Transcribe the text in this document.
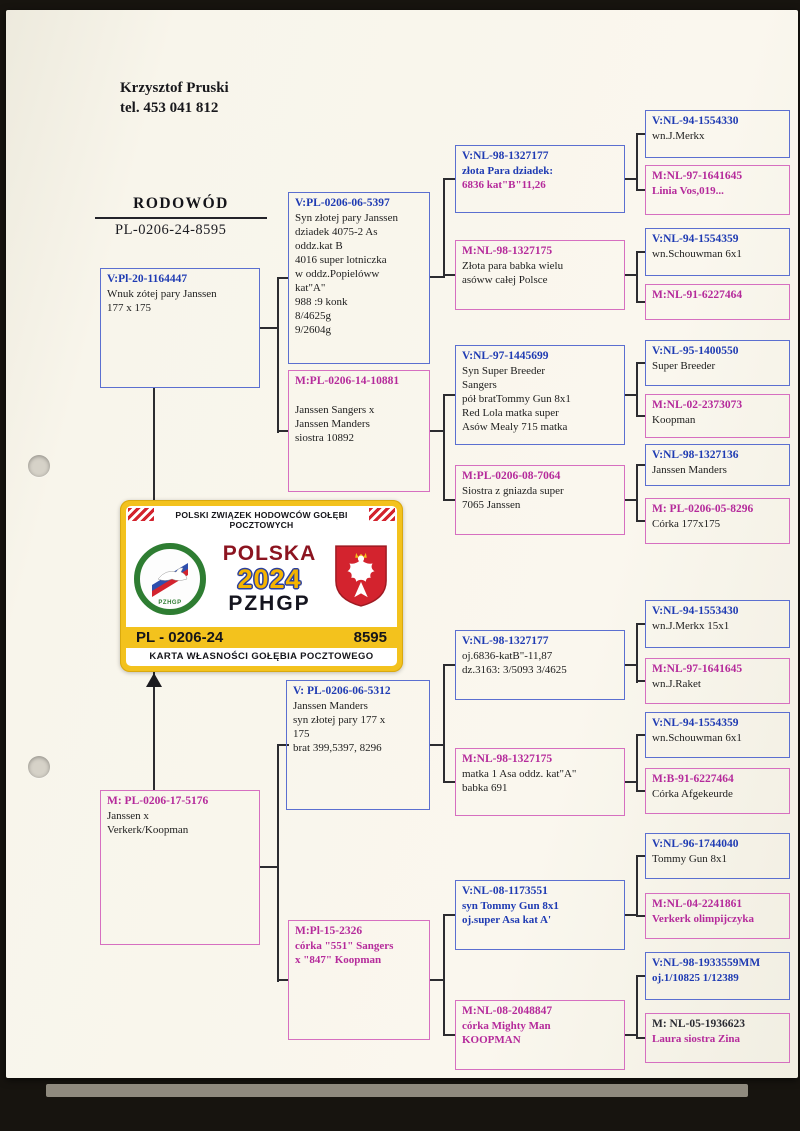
Krzysztof Pruski
tel. 453 041 812
RODOWÓD
PL-0206-24-8595
V:Pl-20-1164447
Wnuk zótej pary Janssen
177 x 175
M: PL-0206-17-5176
Janssen x
Verkerk/Koopman
V:PL-0206-06-5397
Syn złotej pary Janssen
dziadek 4075-2 As
oddz.kat B
4016 super lotniczka
w oddz.Popielóww
kat"A"
988 :9 konk
8/4625g
9/2604g
M:PL-0206-14-10881
Janssen Sangers x
Janssen Manders
siostra 10892
V: PL-0206-06-5312
Janssen Manders
syn złotej pary 177 x
175
brat 399,5397, 8296
M:Pl-15-2326
córka "551" Sangers
x "847" Koopman
V:NL-98-1327177
złota Para dziadek:
6836 kat"B"11,26
M:NL-98-1327175
Złota para babka wielu
asóww całej Polsce
V:NL-97-1445699
Syn Super Breeder
Sangers
pół bratTommy Gun 8x1
Red Lola matka super
Asów Mealy 715 matka
M:PL-0206-08-7064
Siostra z gniazda super
7065 Janssen
V:NL-98-1327177
oj.6836-katB"-11,87
dz.3163: 3/5093 3/4625
M:NL-98-1327175
matka 1 Asa oddz. kat"A"
babka 691
V:NL-08-1173551
syn Tommy Gun 8x1
oj.super Asa kat A'
M:NL-08-2048847
córka Mighty Man
KOOPMAN
V:NL-94-1554330
wn.J.Merkx
M:NL-97-1641645
Linia Vos,019...
V:NL-94-1554359
wn.Schouwman 6x1
M:NL-91-6227464
V:NL-95-1400550
Super Breeder
M:NL-02-2373073
Koopman
V:NL-98-1327136
Janssen Manders
M: PL-0206-05-8296
Córka 177x175
V:NL-94-1553430
wn.J.Merkx 15x1
M:NL-97-1641645
wn.J.Raket
V:NL-94-1554359
wn.Schouwman 6x1
M:B-91-6227464
Córka Afgekeurde
V:NL-96-1744040
Tommy Gun 8x1
M:NL-04-2241861
Verkerk olimpijczyka
V:NL-98-1933559MM
oj.1/10825 1/12389
M: NL-05-1936623
Laura siostra Zina
POLSKI ZWIĄZEK HODOWCÓW GOŁĘBI POCZTOWYCH
PZHGP
POLSKA
2024
PZHGP
PL - 0206-24	8595
KARTA WŁASNOŚCI GOŁĘBIA POCZTOWEGO
